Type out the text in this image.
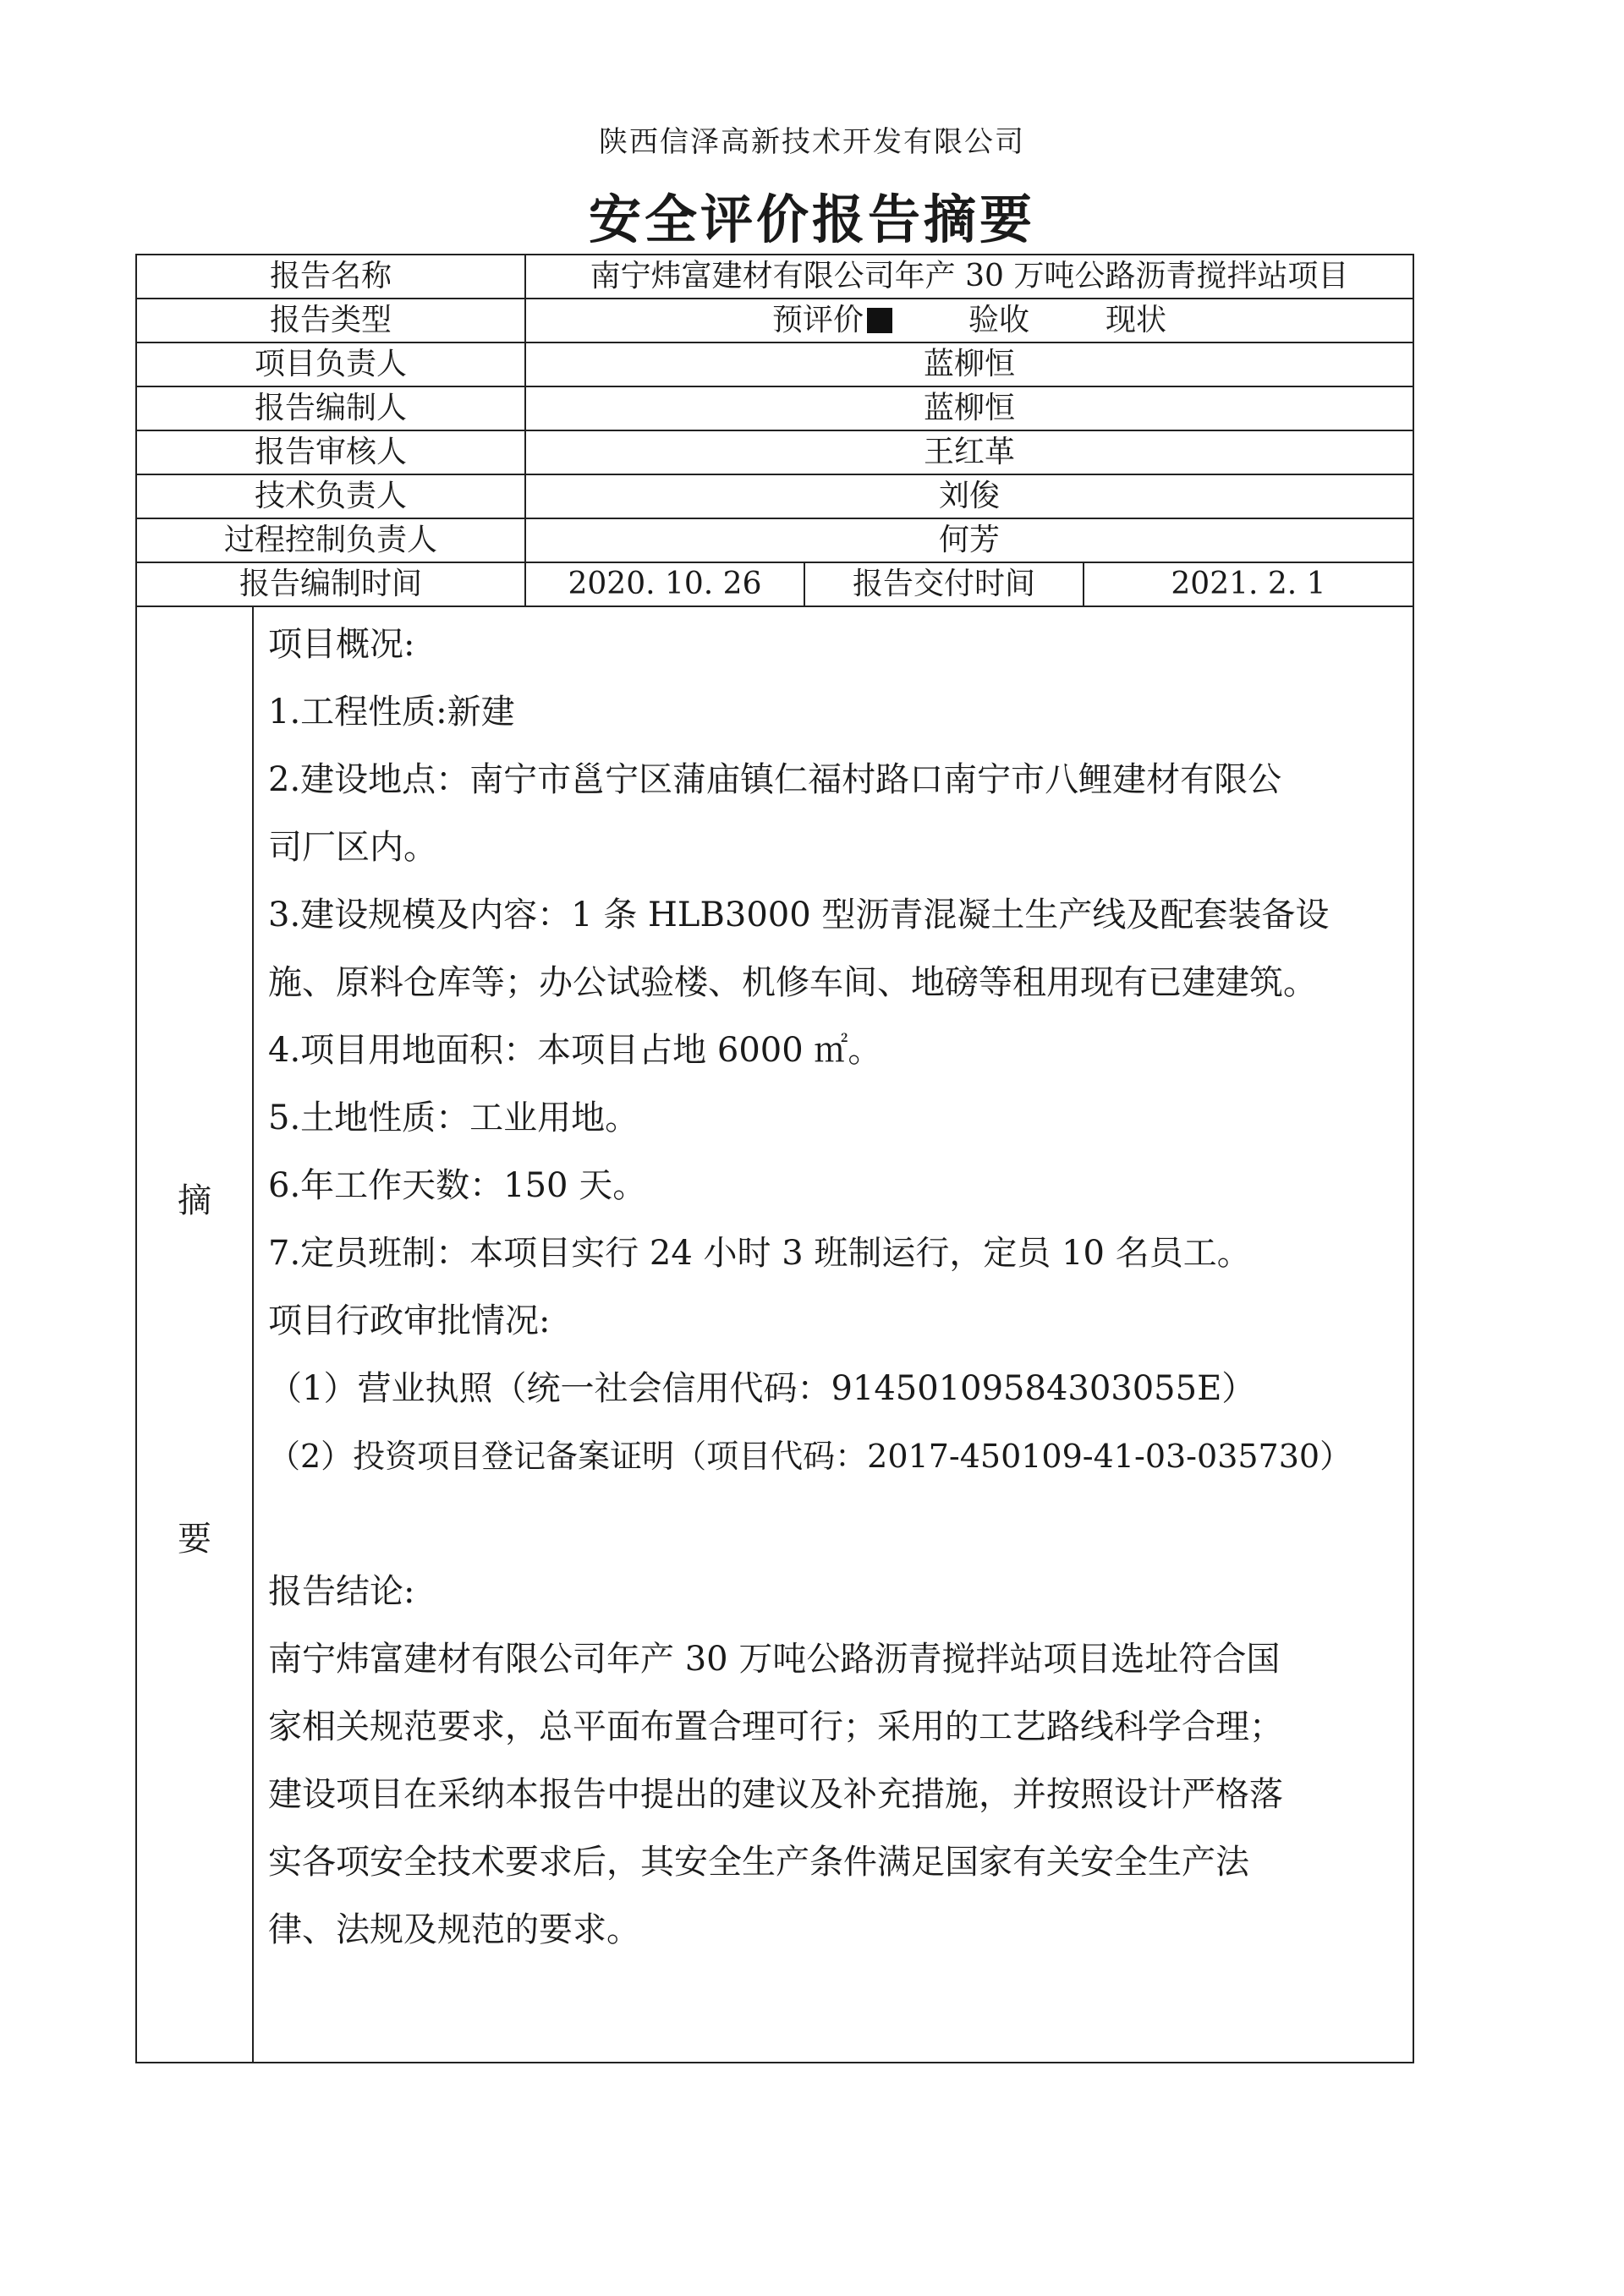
陕西信泽高新技术开发有限公司
安全评价报告摘要
报告名称	南宁炜富建材有限公司年产 30 万吨公路沥青搅拌站项目
报告类型	预评价	验收	现状
项目负责人	蓝柳恒
报告编制人	蓝柳恒
报告审核人	王红革
技术负责人	刘俊
过程控制负责人	何芳
报告编制时间	2020. 10. 26	报告交付时间	2021. 2. 1
摘
要

项目概况:

1.工程性质:新建

2.建设地点：南宁市邕宁区蒲庙镇仁福村路口南宁市八鲤建材有限公

司厂区内。

3.建设规模及内容：1 条 HLB3000 型沥青混凝土生产线及配套装备设

施、原料仓库等；办公试验楼、机修车间、地磅等租用现有已建建筑。

4.项目用地面积：本项目占地 6000 ㎡。

5.土地性质：工业用地。

6.年工作天数：150 天。

7.定员班制：本项目实行 24 小时 3 班制运行，定员 10 名员工。

项目行政审批情况:

（1）营业执照（统一社会信用代码：91450109584303055E）

（2）投资项目登记备案证明（项目代码：2017-450109-41-03-035730）

报告结论:

南宁炜富建材有限公司年产 30 万吨公路沥青搅拌站项目选址符合国

家相关规范要求，总平面布置合理可行；采用的工艺路线科学合理；

建设项目在采纳本报告中提出的建议及补充措施，并按照设计严格落

实各项安全技术要求后，其安全生产条件满足国家有关安全生产法

律、法规及规范的要求。
